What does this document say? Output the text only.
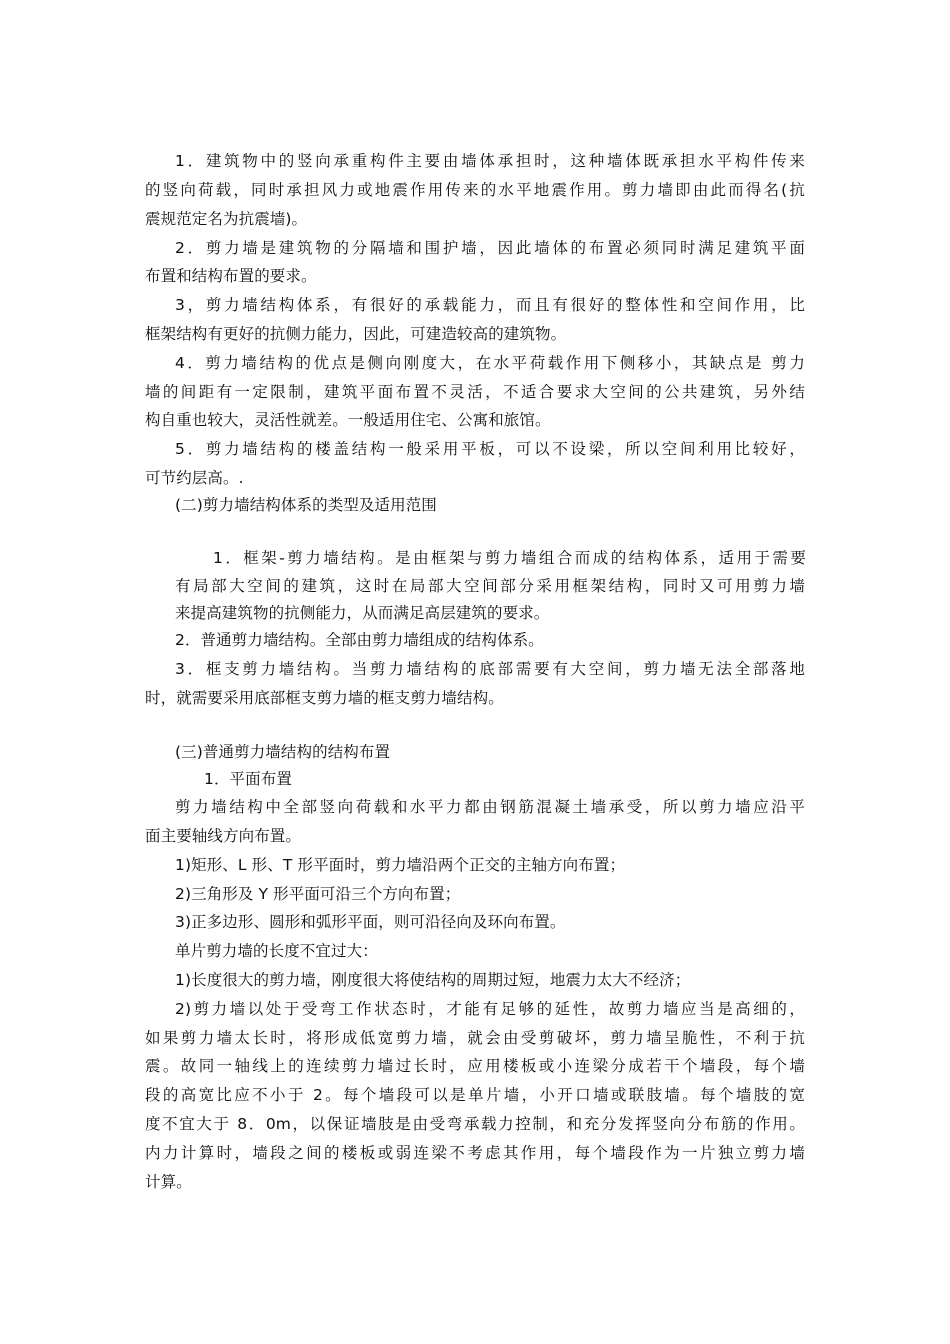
1．建筑物中的竖向承重构件主要由墙体承担时，这种墙体既承担水平构件传来
的竖向荷载，同时承担风力或地震作用传来的水平地震作用。剪力墙即由此而得名(抗
震规范定名为抗震墙)。
2．剪力墙是建筑物的分隔墙和围护墙，因此墙体的布置必须同时满足建筑平面
布置和结构布置的要求。
3，剪力墙结构体系，有很好的承载能力，而且有很好的整体性和空间作用，比
框架结构有更好的抗侧力能力，因此，可建造较高的建筑物。
4．剪力墙结构的优点是侧向刚度大，在水平荷载作用下侧移小，其缺点是 剪力
墙的间距有一定限制，建筑平面布置不灵活，不适合要求大空间的公共建筑，另外结
构自重也较大，灵活性就差。一般适用住宅、公寓和旅馆。
5．剪力墙结构的楼盖结构一般采用平板，可以不设梁，所以空间利用比较好，
可节约层高。.
(二)剪力墙结构体系的类型及适用范围
1．框架-剪力墙结构。是由框架与剪力墙组合而成的结构体系，适用于需要
有局部大空间的建筑，这时在局部大空间部分采用框架结构，同时又可用剪力墙
来提高建筑物的抗侧能力，从而满足高层建筑的要求。
2．普通剪力墙结构。全部由剪力墙组成的结构体系。
3．框支剪力墙结构。当剪力墙结构的底部需要有大空间，剪力墙无法全部落地
时，就需要采用底部框支剪力墙的框支剪力墙结构。
(三)普通剪力墙结构的结构布置
1．平面布置
剪力墙结构中全部竖向荷载和水平力都由钢筋混凝土墙承受，所以剪力墙应沿平
面主要轴线方向布置。
1)矩形、L 形、T 形平面时，剪力墙沿两个正交的主轴方向布置；
2)三角形及 Y 形平面可沿三个方向布置；
3)正多边形、圆形和弧形平面，则可沿径向及环向布置。
单片剪力墙的长度不宜过大：
1)长度很大的剪力墙，刚度很大将使结构的周期过短，地震力太大不经济；
2)剪力墙以处于受弯工作状态时，才能有足够的延性，故剪力墙应当是高细的，
如果剪力墙太长时，将形成低宽剪力墙，就会由受剪破坏，剪力墙呈脆性，不利于抗
震。故同一轴线上的连续剪力墙过长时，应用楼板或小连梁分成若干个墙段，每个墙
段的高宽比应不小于 2。每个墙段可以是单片墙，小开口墙或联肢墙。每个墙肢的宽
度不宜大于 8．0m，以保证墙肢是由受弯承载力控制，和充分发挥竖向分布筋的作用。
内力计算时，墙段之间的楼板或弱连梁不考虑其作用，每个墙段作为一片独立剪力墙
计算。
